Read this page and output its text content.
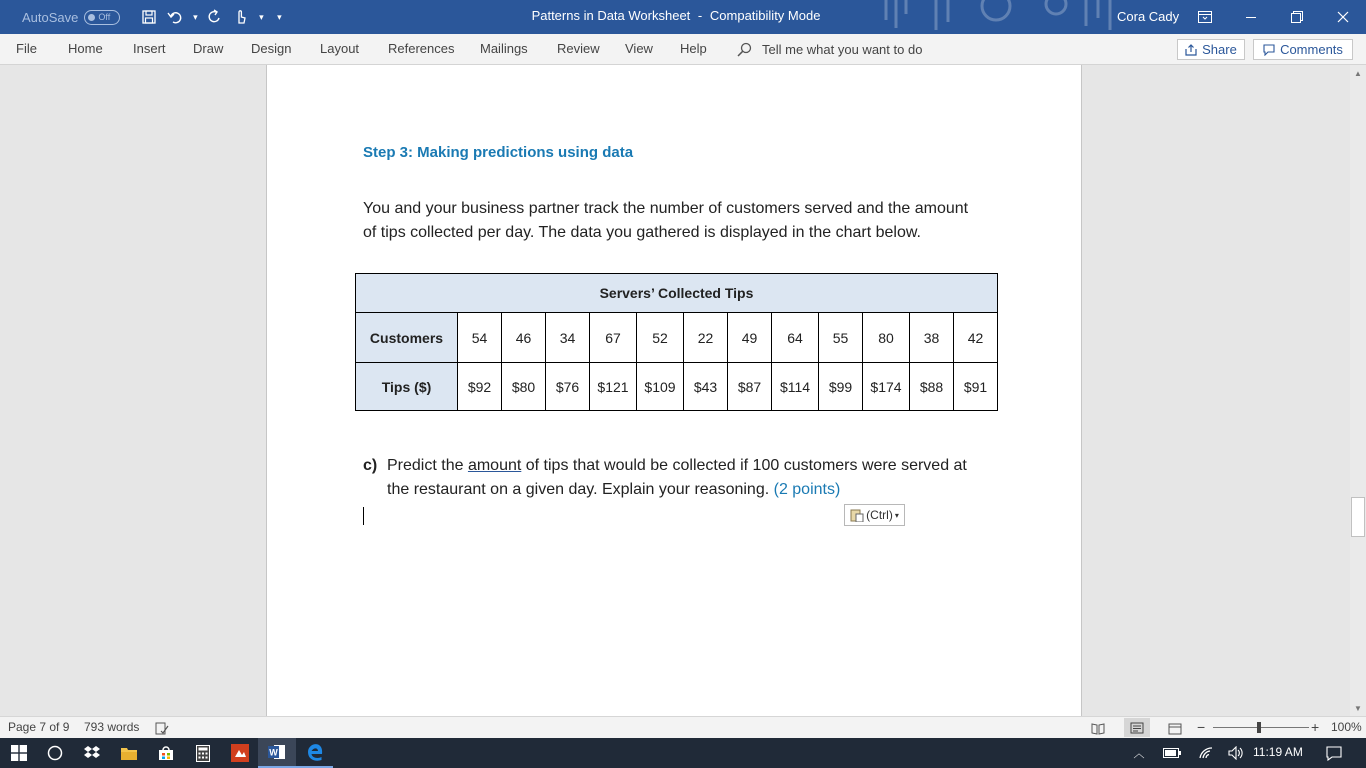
AutoSave Off	▾	▾	▾	Patterns in Data Worksheet - Compatibility Mode	Cora Cady
File Home Insert Draw Design Layout References Mailings Review View Help	Tell me what you want to do	Share	Comments
Step 3: Making predictions using data
You and your business partner track the number of customers served and the amount of tips collected per day. The data you gathered is displayed in the chart below.
Servers’ Collected Tips												
Customers	54	46	34	67	52	22	49	64	55	80	38	42
Tips ($)	$92	$80	$76	$121	$109	$43	$87	$114	$99	$174	$88	$91
c) Predict the amount of tips that would be collected if 100 customers were served at the restaurant on a given day. Explain your reasoning. (2 points)
(Ctrl) ▾
▲
▼
Page 7 of 9 793 words	−	+ 100%
W	︿	11:19 AM
